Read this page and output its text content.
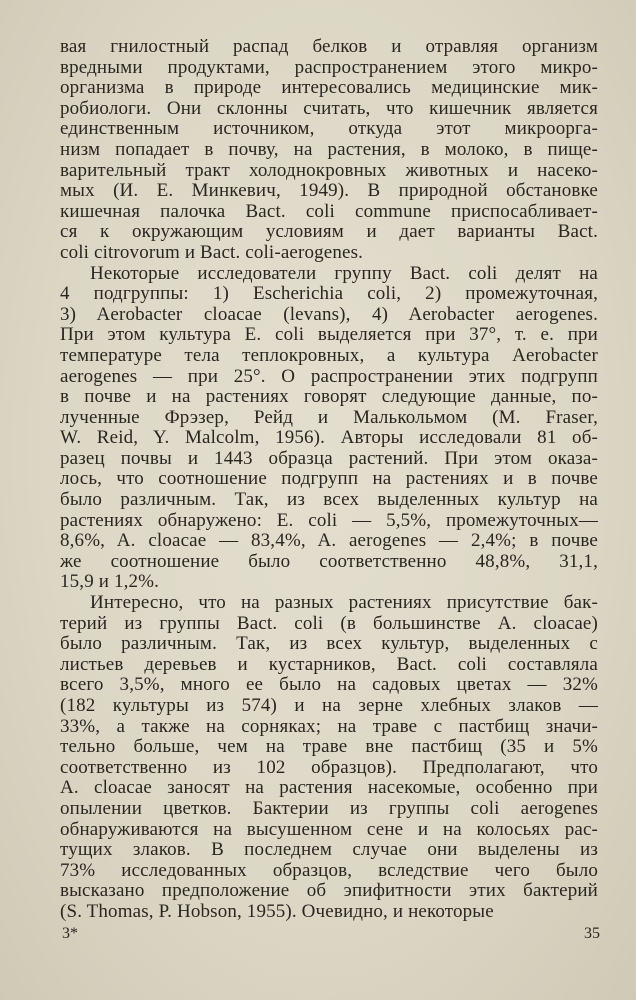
вая гнилостный распад белков и отравляя организм
вредными продуктами, распространением этого микро-
организма в природе интересовались медицинские мик-
робиологи. Они склонны считать, что кишечник является
единственным источником, откуда этот микроорга-
низм попадает в почву, на растения, в молоко, в пище-
варительный тракт холоднокровных животных и насеко-
мых (И. Е. Минкевич, 1949). В природной обстановке
кишечная палочка Bact. coli commune приспосабливает-
ся к окружающим условиям и дает варианты Bact.
coli citrovorum и Bact. coli-aerogenes.
Некоторые исследователи группу Bact. coli делят на
4 подгруппы: 1) Escherichia coli, 2) промежуточная,
3) Aerobacter cloacae (levans), 4) Aerobacter aerogenes.
При этом культура E. coli выделяется при 37°, т. е. при
температуре тела теплокровных, а культура Aerobacter
aerogenes — при 25°. О распространении этих подгрупп
в почве и на растениях говорят следующие данные, по-
лученные Фрэзер, Рейд и Малькольмом (M. Fraser,
W. Reid, Y. Malcolm, 1956). Авторы исследовали 81 об-
разец почвы и 1443 образца растений. При этом оказа-
лось, что соотношение подгрупп на растениях и в почве
было различным. Так, из всех выделенных культур на
растениях обнаружено: E. coli — 5,5%, промежуточных—
8,6%, A. cloacae — 83,4%, A. aerogenes — 2,4%; в почве
же соотношение было соответственно 48,8%, 31,1,
15,9 и 1,2%.
Интересно, что на разных растениях присутствие бак-
терий из группы Bact. coli (в большинстве A. cloacae)
было различным. Так, из всех культур, выделенных с
листьев деревьев и кустарников, Bact. coli составляла
всего 3,5%, много ее было на садовых цветах — 32%
(182 культуры из 574) и на зерне хлебных злаков —
33%, а также на сорняках; на траве с пастбищ значи-
тельно больше, чем на траве вне пастбищ (35 и 5%
соответственно из 102 образцов). Предполагают, что
A. cloacae заносят на растения насекомые, особенно при
опылении цветков. Бактерии из группы coli aerogenes
обнаруживаются на высушенном сене и на колосьях рас-
тущих злаков. В последнем случае они выделены из
73% исследованных образцов, вследствие чего было
высказано предположение об эпифитности этих бактерий
(S. Thomas, P. Hobson, 1955). Очевидно, и некоторые
3*	35
